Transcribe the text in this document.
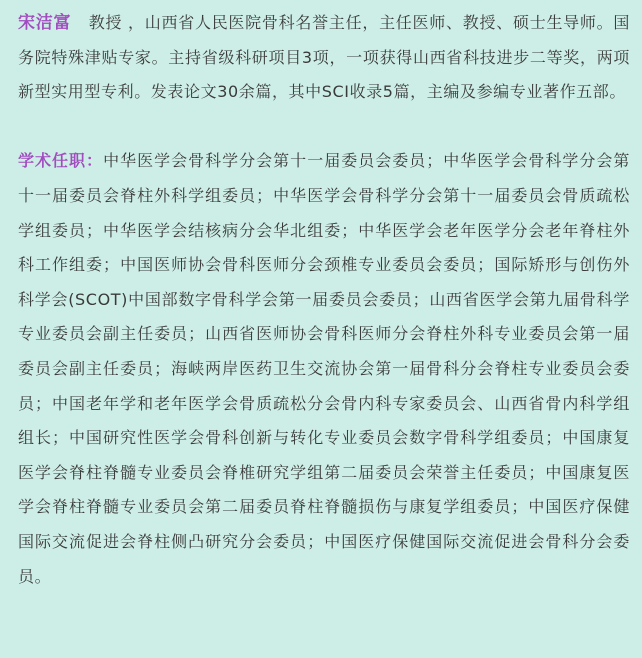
宋洁富 教授 ，山西省人民医院骨科名誉主任，主任医师、教授、硕士生导师。国务院特殊津贴专家。主持省级科研项目3项，一项获得山西省科技进步二等奖，两项新型实用型专利。发表论文30余篇，其中SCI收录5篇，主编及参编专业著作五部。

学术任职：中华医学会骨科学分会第十一届委员会委员；中华医学会骨科学分会第十一届委员会脊柱外科学组委员；中华医学会骨科学分会第十一届委员会骨质疏松学组委员；中华医学会结核病分会华北组委；中华医学会老年医学分会老年脊柱外科工作组委；中国医师协会骨科医师分会颈椎专业委员会委员；国际矫形与创伤外科学会(SCOT)中国部数字骨科学会第一届委员会委员；山西省医学会第九届骨科学专业委员会副主任委员；山西省医师协会骨科医师分会脊柱外科专业委员会第一届委员会副主任委员；海峡两岸医药卫生交流协会第一届骨科分会脊柱专业委员会委员；中国老年学和老年医学会骨质疏松分会骨内科专家委员会、山西省骨内科学组组长；中国研究性医学会骨科创新与转化专业委员会数字骨科学组委员；中国康复医学会脊柱脊髓专业委员会脊椎研究学组第二届委员会荣誉主任委员；中国康复医学会脊柱脊髓专业委员会第二届委员脊柱脊髓损伤与康复学组委员；中国医疗保健国际交流促进会脊柱侧凸研究分会委员；中国医疗保健国际交流促进会骨科分会委员。
